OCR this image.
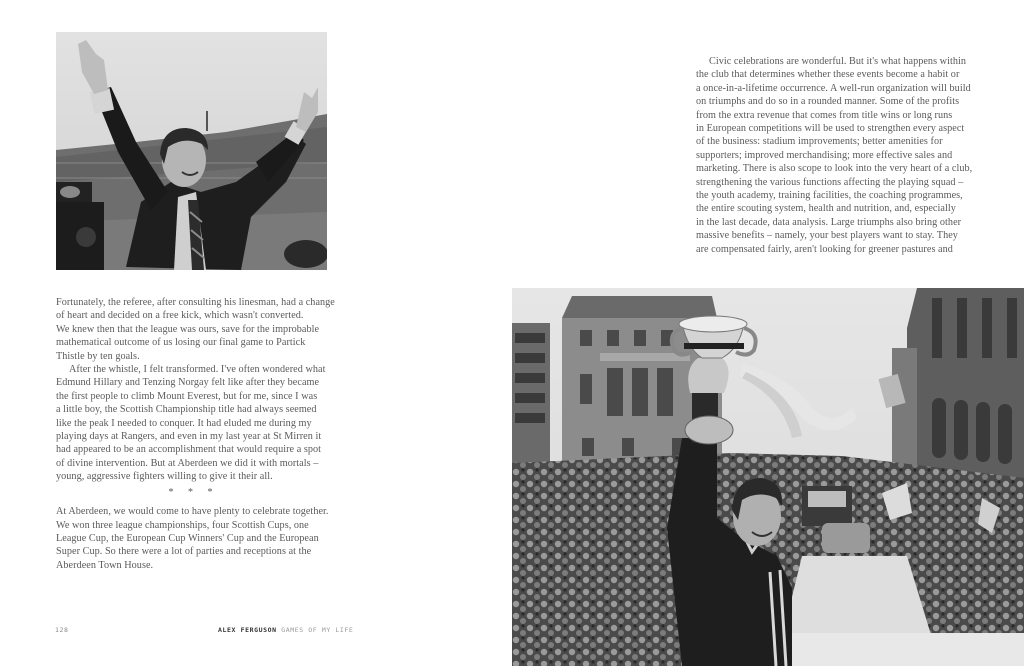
Fortunately, the referee, after consulting his linesman, had a change
of heart and decided on a free kick, which wasn't converted.
We knew then that the league was ours, save for the improbable
mathematical outcome of us losing our final game to Partick
Thistle by ten goals.
After the whistle, I felt transformed. I've often wondered what
Edmund Hillary and Tenzing Norgay felt like after they became
the first people to climb Mount Everest, but for me, since I was
a little boy, the Scottish Championship title had always seemed
like the peak I needed to conquer. It had eluded me during my
playing days at Rangers, and even in my last year at St Mirren it
had appeared to be an accomplishment that would require a spot
of divine intervention. But at Aberdeen we did it with mortals –
young, aggressive fighters willing to give it their all.
* * *
At Aberdeen, we would come to have plenty to celebrate together.
We won three league championships, four Scottish Cups, one
League Cup, the European Cup Winners' Cup and the European
Super Cup. So there were a lot of parties and receptions at the
Aberdeen Town House.
Civic celebrations are wonderful. But it's what happens within
the club that determines whether these events become a habit or
a once-in-a-lifetime occurrence. A well-run organization will build
on triumphs and do so in a rounded manner. Some of the profits
from the extra revenue that comes from title wins or long runs
in European competitions will be used to strengthen every aspect
of the business: stadium improvements; better amenities for
supporters; improved merchandising; more effective sales and
marketing. There is also scope to look into the very heart of a club,
strengthening the various functions affecting the playing squad –
the youth academy, training facilities, the coaching programmes,
the entire scouting system, health and nutrition, and, especially
in the last decade, data analysis. Large triumphs also bring other
massive benefits – namely, your best players want to stay. They
are compensated fairly, aren't looking for greener pastures and
128	ALEX FERGUSON GAMES OF MY LIFE
